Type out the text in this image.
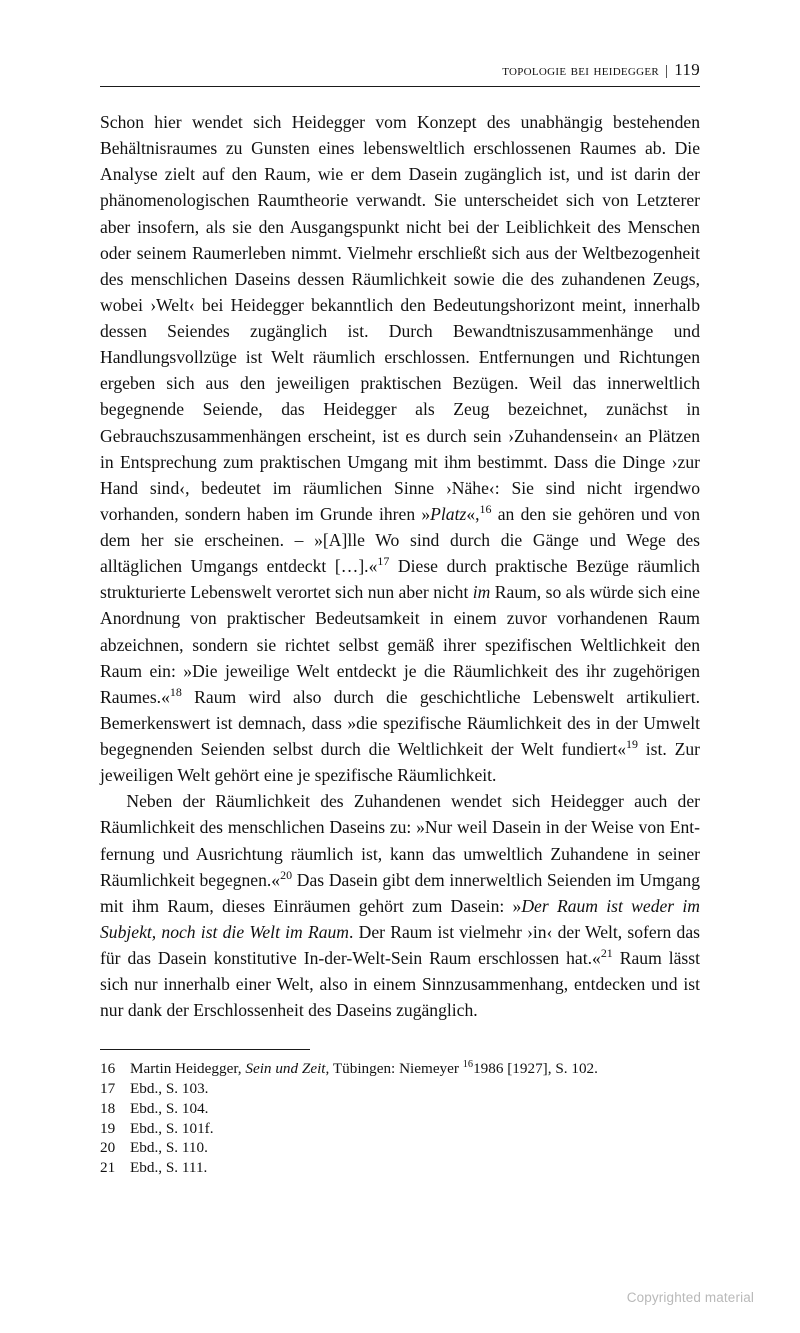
topologie bei heidegger | 119

Schon hier wendet sich Heidegger vom Konzept des unabhängig bestehenden Behältnisraumes zu Gunsten eines lebensweltlich erschlossenen Raumes ab. Die Analyse zielt auf den Raum, wie er dem Dasein zugänglich ist, und ist darin der phänomenologischen Raumtheorie verwandt. Sie unterscheidet sich von Letzterer aber insofern, als sie den Ausgangspunkt nicht bei der Leiblichkeit des Menschen oder seinem Raumerleben nimmt. Vielmehr erschließt sich aus der Weltbezogenheit des menschlichen Daseins dessen Räumlichkeit sowie die des zuhandenen Zeugs, wobei ›Welt‹ bei Heidegger bekanntlich den Bedeutungshorizont meint, innerhalb dessen Seiendes zugänglich ist. Durch Bewandtniszusammenhänge und Handlungsvollzüge ist Welt räumlich erschlossen. Entfernungen und Richtungen ergeben sich aus den jeweiligen praktischen Bezügen. Weil das innerweltlich begegnende Seiende, das Heidegger als Zeug bezeichnet, zunächst in Gebrauchszusammenhängen erscheint, ist es durch sein ›Zuhandensein‹ an Plätzen in Entsprechung zum praktischen Umgang mit ihm bestimmt. Dass die Dinge ›zur Hand sind‹, bedeutet im räumlichen Sinne ›Nähe‹: Sie sind nicht irgendwo vorhanden, sondern haben im Grunde ihren »Platz«,$^{16}$ an den sie gehören und von dem her sie erscheinen. – »[A]lle Wo sind durch die Gänge und Wege des alltäglichen Umgangs entdeckt […].«$^{17}$ Diese durch praktische Bezüge räumlich strukturierte Lebenswelt verortet sich nun aber nicht im Raum, so als würde sich eine Anordnung von praktischer Bedeutsamkeit in einem zuvor vorhandenen Raum abzeichnen, sondern sie richtet selbst gemäß ihrer spezifischen Weltlichkeit den Raum ein: »Die jeweilige Welt entdeckt je die Räumlichkeit des ihr zugehörigen Raumes.«$^{18}$ Raum wird also durch die geschichtliche Lebenswelt artikuliert. Bemerkenswert ist demnach, dass »die spezifische Räumlichkeit des in der Umwelt begegnenden Seienden selbst durch die Weltlichkeit der Welt fundiert«$^{19}$ ist. Zur jeweiligen Welt gehört eine je spezifische Räumlichkeit.

Neben der Räumlichkeit des Zuhandenen wendet sich Heidegger auch der Räumlichkeit des menschlichen Daseins zu: »Nur weil Dasein in der Weise von Ent-fernung und Ausrichtung räumlich ist, kann das umweltlich Zuhandene in seiner Räumlichkeit begegnen.«$^{20}$ Das Dasein gibt dem innerweltlich Seienden im Umgang mit ihm Raum, dieses Einräumen gehört zum Dasein: »Der Raum ist weder im Subjekt, noch ist die Welt im Raum. Der Raum ist vielmehr ›in‹ der Welt, sofern das für das Dasein konstitutive In-der-Welt-Sein Raum erschlossen hat.«$^{21}$ Raum lässt sich nur innerhalb einer Welt, also in einem Sinnzusammenhang, entdecken und ist nur dank der Erschlossenheit des Daseins zugänglich.

16 Martin Heidegger, Sein und Zeit, Tübingen: Niemeyer $^{16}$1986 [1927], S. 102.
17 Ebd., S. 103.
18 Ebd., S. 104.
19 Ebd., S. 101f.
20 Ebd., S. 110.
21 Ebd., S. 111.
Copyrighted material
